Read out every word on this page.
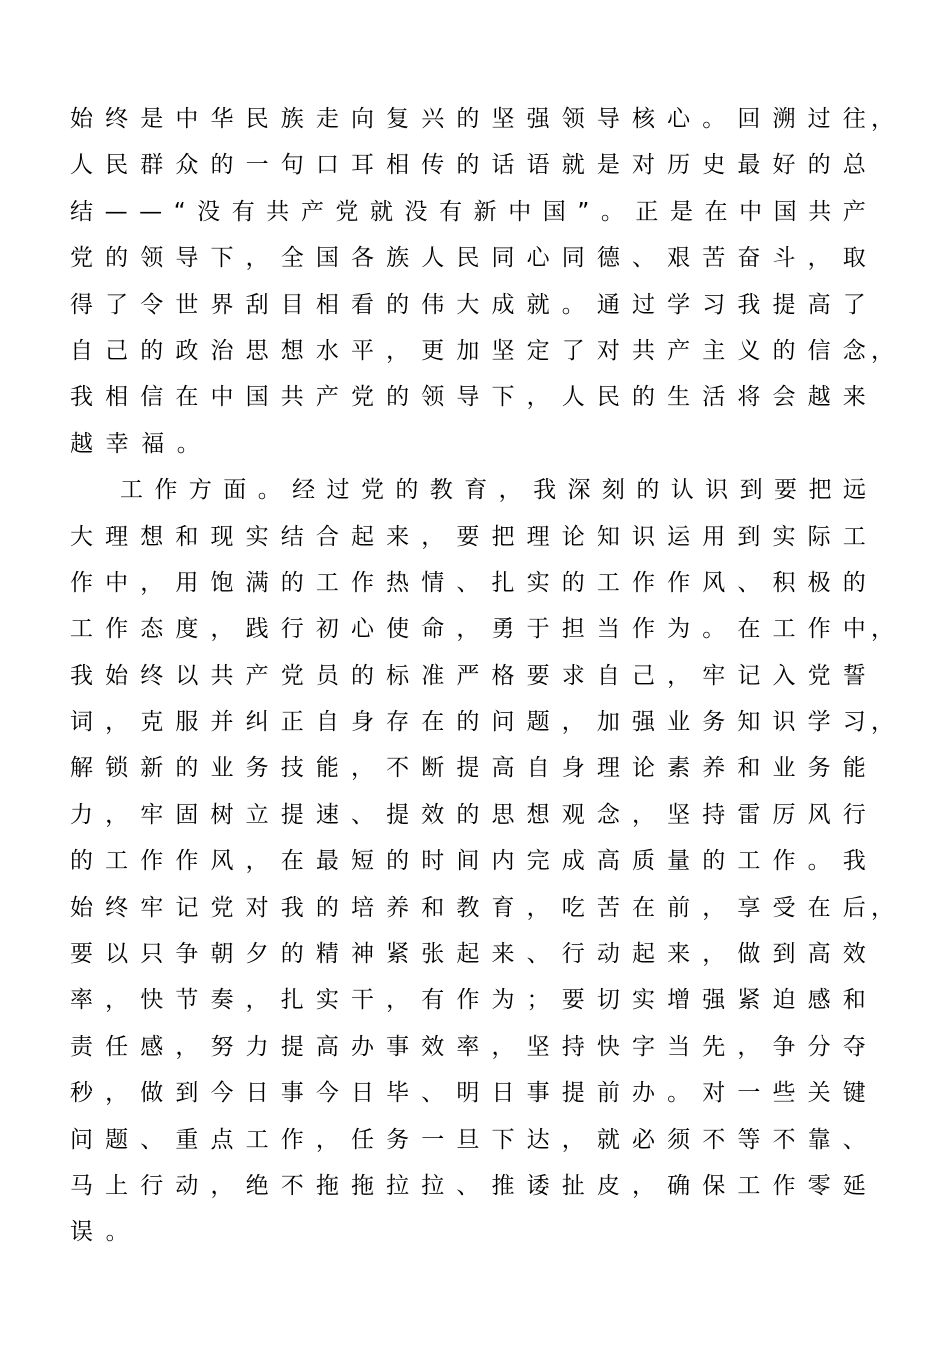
始 终 是 中 华 民 族 走 向 复 兴 的 坚 强 领 导 核 心 。 回 溯 过 往 ，
人 民 群 众 的 一 句 口 耳 相 传 的 话 语 就 是 对 历 史 最 好 的 总
结 — — “ 没 有 共 产 党 就 没 有 新 中 国 ” 。 正 是 在 中 国 共 产
党 的 领 导 下 ， 全 国 各 族 人 民 同 心 同 德 、 艰 苦 奋 斗 ， 取
得 了 令 世 界 刮 目 相 看 的 伟 大 成 就 。 通 过 学 习 我 提 高 了
自 己 的 政 治 思 想 水 平 ， 更 加 坚 定 了 对 共 产 主 义 的 信 念 ，
我 相 信 在 中 国 共 产 党 的 领 导 下 ， 人 民 的 生 活 将 会 越 来
越 幸 福 。
工 作 方 面 。 经 过 党 的 教 育 ， 我 深 刻 的 认 识 到 要 把 远
大 理 想 和 现 实 结 合 起 来 ， 要 把 理 论 知 识 运 用 到 实 际 工
作 中 ， 用 饱 满 的 工 作 热 情 、 扎 实 的 工 作 作 风 、 积 极 的
工 作 态 度 ， 践 行 初 心 使 命 ， 勇 于 担 当 作 为 。 在 工 作 中 ，
我 始 终 以 共 产 党 员 的 标 准 严 格 要 求 自 己 ， 牢 记 入 党 誓
词 ， 克 服 并 纠 正 自 身 存 在 的 问 题 ， 加 强 业 务 知 识 学 习 ，
解 锁 新 的 业 务 技 能 ， 不 断 提 高 自 身 理 论 素 养 和 业 务 能
力 ， 牢 固 树 立 提 速 、 提 效 的 思 想 观 念 ， 坚 持 雷 厉 风 行
的 工 作 作 风 ， 在 最 短 的 时 间 内 完 成 高 质 量 的 工 作 。 我
始 终 牢 记 党 对 我 的 培 养 和 教 育 ， 吃 苦 在 前 ， 享 受 在 后 ，
要 以 只 争 朝 夕 的 精 神 紧 张 起 来 、 行 动 起 来 ， 做 到 高 效
率 ， 快 节 奏 ， 扎 实 干 ， 有 作 为 ； 要 切 实 增 强 紧 迫 感 和
责 任 感 ， 努 力 提 高 办 事 效 率 ， 坚 持 快 字 当 先 ， 争 分 夺
秒 ， 做 到 今 日 事 今 日 毕 、 明 日 事 提 前 办 。 对 一 些 关 键
问 题 、 重 点 工 作 ， 任 务 一 旦 下 达 ， 就 必 须 不 等 不 靠 、
马 上 行 动 ， 绝 不 拖 拖 拉 拉 、 推 诿 扯 皮 ， 确 保 工 作 零 延
误 。
